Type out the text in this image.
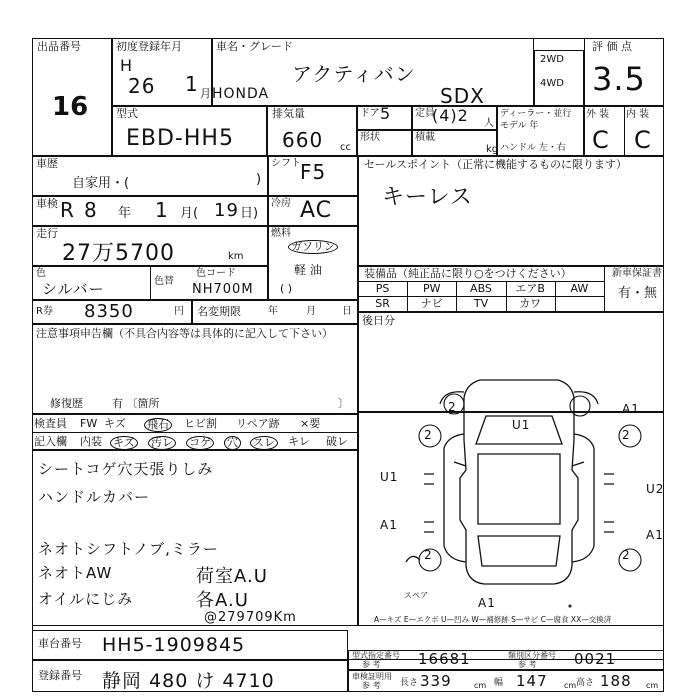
出品番号
16
初度登録年月
H
26 1 月
車名・グレード
HONDA
アクティバン
SDX
2WD
4WD
評 価 点
3.5
型式
EBD-HH5
排気量
660 cc
ドア 5 定員
(4)2 人
ディーラー・並行
モデル 年
ハンドル 左・右
形状	積載
kg
外 装 内 装
C C
車歴
自家用・(	)
シフト F5	セールスポイント（正常に機能するものに限ります）
キーレス
車検 R 8 年 1 月( 19 日)
冷房 AC
走行
27万5700	km
燃料
ガソリン
軽 油
( )
色
シルバー	色替
色コード
NH700M
装備品（純正品に限り○をつけください）
PS	PW	ABS	エアB	AW
SR	ナビ	TV	カワ
新車保証書
有・無
R券 8350	円 名変期限	年	月	日
後日分
注意事項申告欄（不具合内容等は具体的に記入して下さい）
修復歴	有 〔箇所	〕
検査員
記入欄
FW
内装
キズ 飛石 ヒビ割 リペア跡 ×要
キズ 汚レ コゲ 穴 スレ キレ 破レ
シートコゲ穴天張りしみ
ハンドルカバー
ネオトシフトノブ,ミラー
ネオトAW
オイルにじみ
荷室A.U
各A.U
@279709Km
U1
A1
2
2	2
U1
U2
A1
A1
2	2
A1
スペア
A—キズ E—エクボ U—凹み W—補修跡 S—サビ C—腐食 XX—交換済
車台番号 HH5-1909845
登録番号 静岡 480 け 4710
型式指定番号
参 考 16681	類別区分番号
参 考 0021
車検証明用
参 考 長さ 339	cm 幅 147 cm 高さ 188 cm
